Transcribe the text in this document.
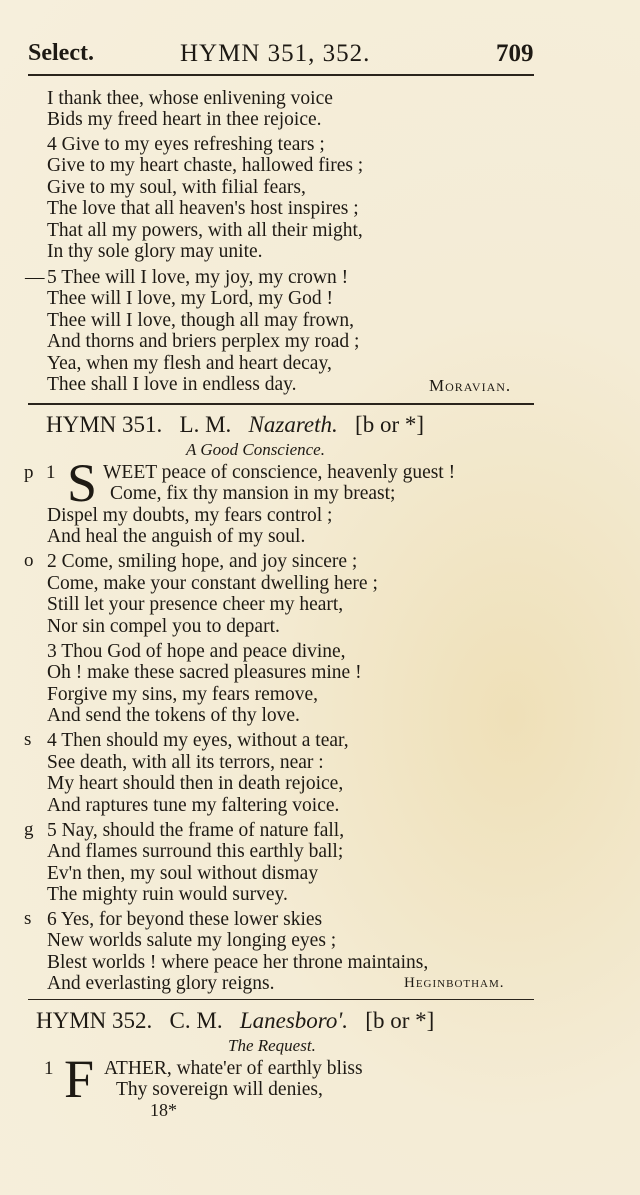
Select.	HYMN 351, 352.	709
I thank thee, whose enlivening voice
Bids my freed heart in thee rejoice.
4 Give to my eyes refreshing tears ;
Give to my heart chaste, hallowed fires ;
Give to my soul, with filial fears,
The love that all heaven's host inspires ;
That all my powers, with all their might,
In thy sole glory may unite.
— 5 Thee will I love, my joy, my crown !
Thee will I love, my Lord, my God !
Thee will I love, though all may frown,
And thorns and briers perplex my road ;
Yea, when my flesh and heart decay,
Thee shall I love in endless day.	Moravian.
HYMN 351. L. M. Nazareth. [b or *]
A Good Conscience.
p 1 S WEET peace of conscience, heavenly guest !
Come, fix thy mansion in my breast;
Dispel my doubts, my fears control ;
And heal the anguish of my soul.
o 2 Come, smiling hope, and joy sincere ;
Come, make your constant dwelling here ;
Still let your presence cheer my heart,
Nor sin compel you to depart.
3 Thou God of hope and peace divine,
Oh ! make these sacred pleasures mine !
Forgive my sins, my fears remove,
And send the tokens of thy love.
s 4 Then should my eyes, without a tear,
See death, with all its terrors, near :
My heart should then in death rejoice,
And raptures tune my faltering voice.
g 5 Nay, should the frame of nature fall,
And flames surround this earthly ball;
Ev'n then, my soul without dismay
The mighty ruin would survey.
s 6 Yes, for beyond these lower skies
New worlds salute my longing eyes ;
Blest worlds ! where peace her throne maintains,
And everlasting glory reigns.	Heginbotham.
HYMN 352. C. M. Lanesboro'. [b or *]
The Request.
1 F ATHER, whate'er of earthly bliss
Thy sovereign will denies,
18*
